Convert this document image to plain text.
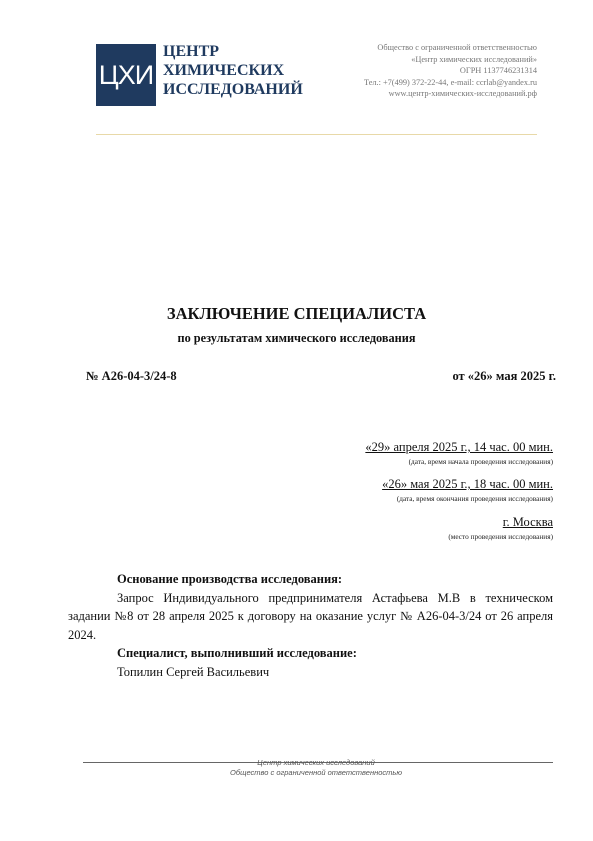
ЦХИ
ЦЕНТР
ХИМИЧЕСКИХ
ИССЛЕДОВАНИЙ
Общество с ограниченной ответственностью
«Центр химических исследований»
ОГРН 1137746231314
Тел.: +7(499) 372-22-44, e-mail: ccrlab@yandex.ru
www.центр-химических-исследований.рф
ЗАКЛЮЧЕНИЕ СПЕЦИАЛИСТА
по результатам химического исследования
№ А26-04-3/24-8	от «26» мая 2025 г.
«29» апреля 2025 г., 14 час. 00 мин.
(дата, время начала проведения исследования)
«26» мая 2025 г., 18 час. 00 мин.
(дата, время окончания проведения исследования)
г. Москва
(место проведения исследования)

Основание производства исследования:

Запрос Индивидуального предпринимателя Астафьева М.В в техническом задании №8 от 28 апреля 2025 к договору на оказание услуг № А26-04-3/24 от 26 апреля 2024.

Специалист, выполнивший исследование:

Топилин Сергей Васильевич

Центр химических исследований
Общество с ограниченной ответственностью
